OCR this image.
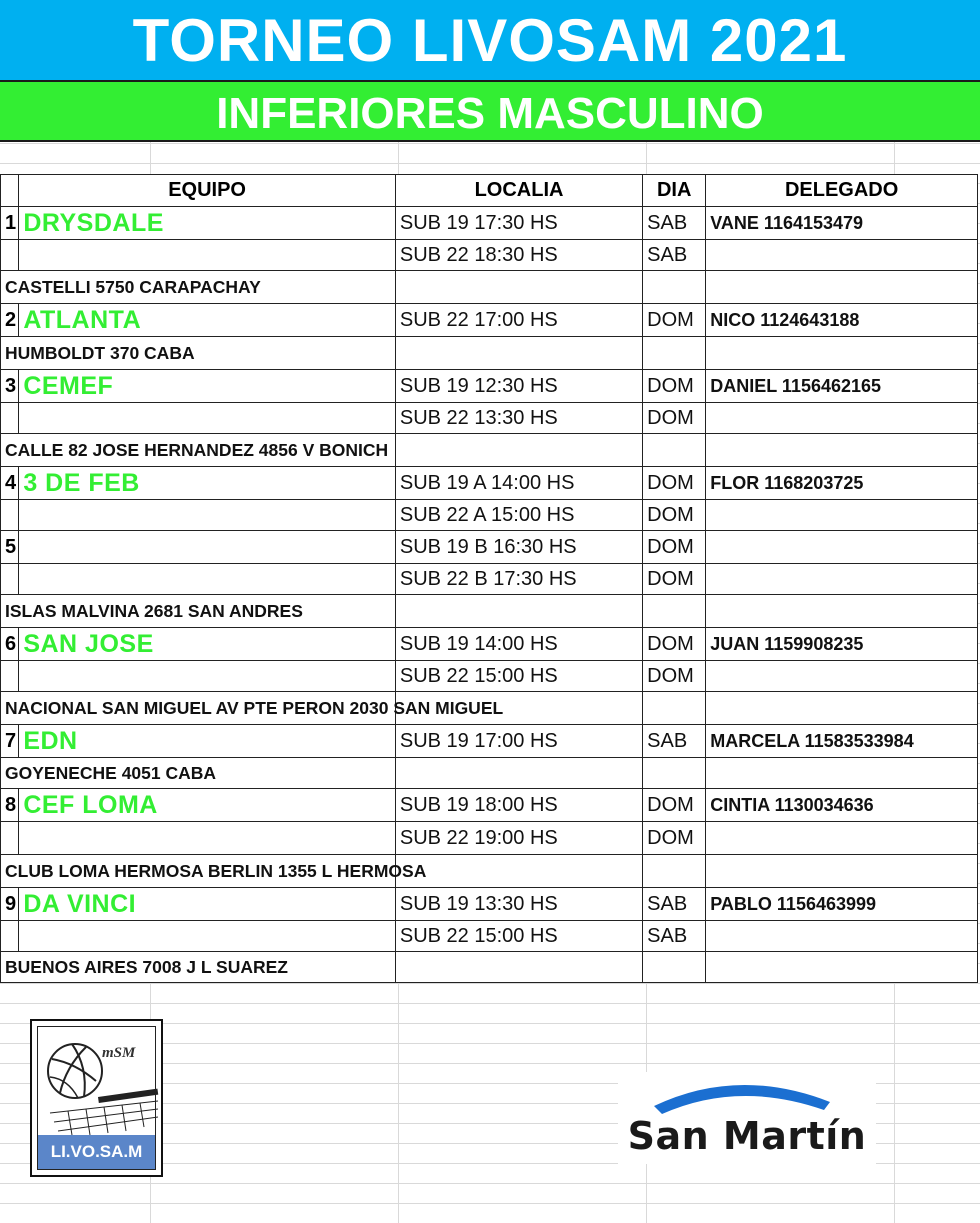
TORNEO LIVOSAM 2021
INFERIORES MASCULINO
	EQUIPO	LOCALIA	DIA	DELEGADO
1	DRYSDALE	SUB 19 17:30 HS	SAB	VANE 1164153479
		SUB 22 18:30 HS	SAB	
CASTELLI 5750 CARAPACHAY				
2	ATLANTA	SUB 22 17:00 HS	DOM	NICO 1124643188
HUMBOLDT 370 CABA				
3	CEMEF	SUB 19 12:30 HS	DOM	DANIEL 1156462165
		SUB 22 13:30 HS	DOM	
CALLE 82 JOSE HERNANDEZ 4856 V BONICH				
4	3 DE FEB	SUB 19 A 14:00 HS	DOM	FLOR 1168203725
		SUB 22 A 15:00 HS	DOM	
5		SUB 19 B 16:30 HS	DOM	
		SUB 22 B 17:30 HS	DOM	
ISLAS MALVINA 2681 SAN ANDRES				
6	SAN JOSE	SUB 19 14:00 HS	DOM	JUAN 1159908235
		SUB 22 15:00 HS	DOM	
NACIONAL SAN MIGUEL AV PTE PERON 2030 SAN MIGUEL				
7	EDN	SUB 19 17:00 HS	SAB	MARCELA 11583533984
GOYENECHE 4051 CABA				
8	CEF LOMA	SUB 19 18:00 HS	DOM	CINTIA 1130034636
		SUB 22 19:00 HS	DOM	
CLUB LOMA HERMOSA BERLIN 1355 L HERMOSA				
9	DA VINCI	SUB 19 13:30 HS	SAB	PABLO 1156463999
		SUB 22 15:00 HS	SAB	
BUENOS AIRES 7008 J L SUAREZ				
mSM
LI.VO.SA.M	San Martín
